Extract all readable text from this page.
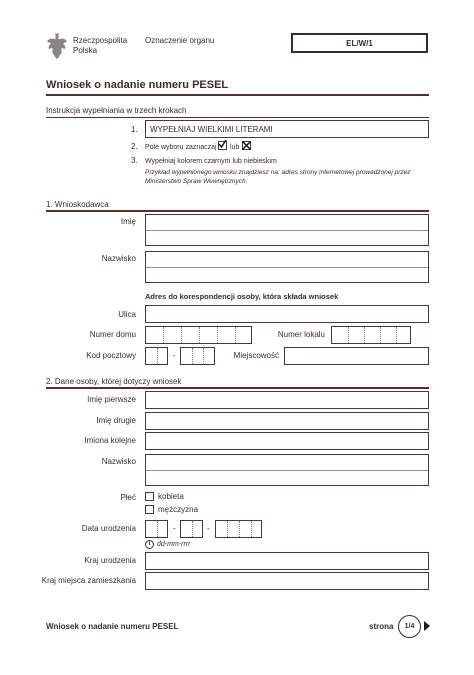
Rzeczpospolita
Polska
Oznaczenie organu	EL/W/1
Wniosek o nadanie numeru PESEL
Instrukcja wypełniania w trzech krokach
1. WYPEŁNIAJ WIELKIMI LITERAMI
2. Pole wyboru zaznaczaj lub
3. Wypełniaj kolorem czarnym lub niebieskim
Przykład wypełnionego wniosku znajdziesz na: adres strony internetowej prowadzonej przez
Ministerstwo Spraw Wewnętrznych.
1. Wnioskodawca
Imię
Nazwisko
Adres do korespondencji osoby, która składa wniosek
Ulica
Numer domu	Numer lokalu
Kod pocztowy	-	Miejscowość
2. Dane osoby, której dotyczy wniosek
Imię pierwsze
Imię drugie
Imiona kolejne
Nazwisko
Płeć	kobieta
mężczyzna
Data urodzenia	-	-
i dd-mm-rrrr
Kraj urodzenia
Kraj miejsca zamieszkania
Wniosek o nadanie numeru PESEL	strona	1/4
